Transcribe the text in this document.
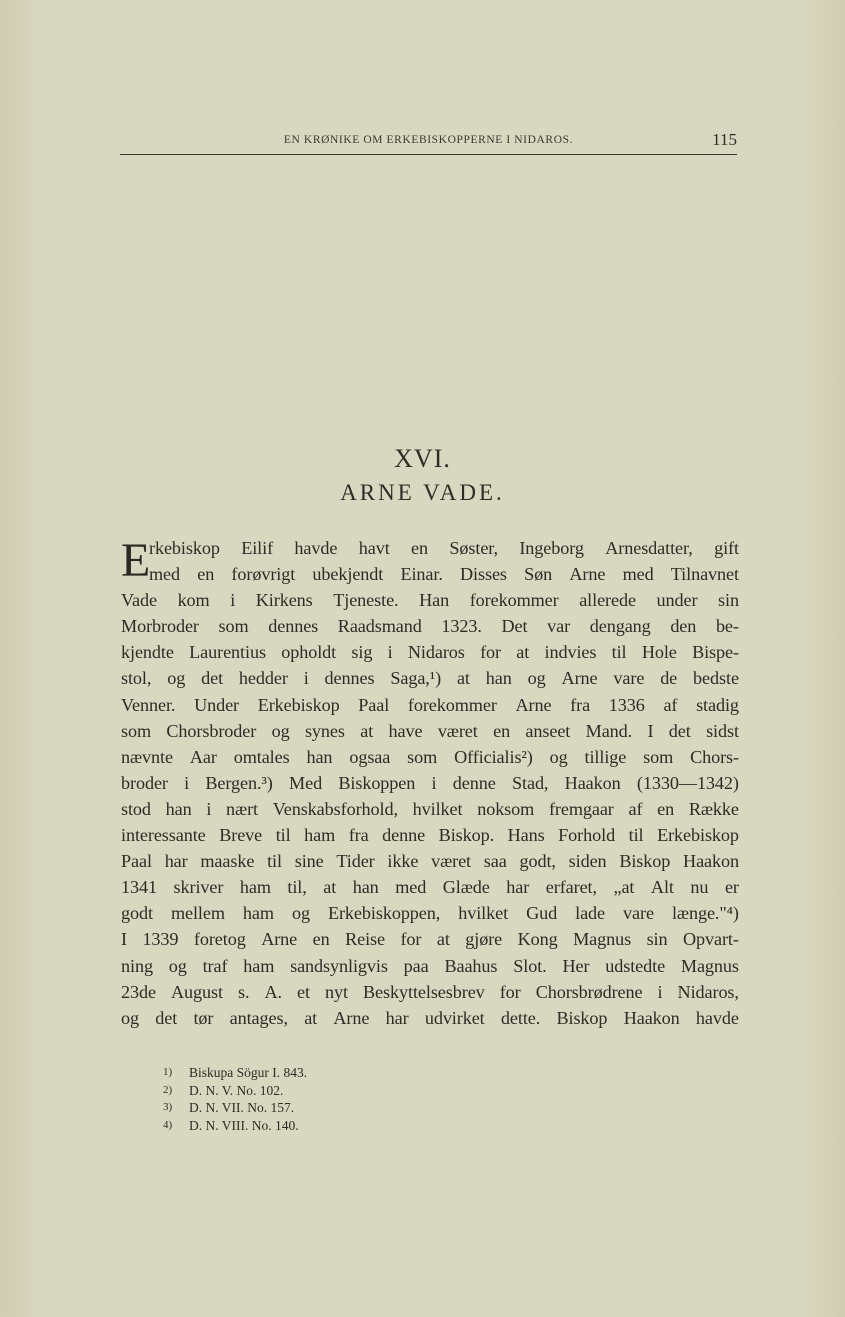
EN KRØNIKE OM ERKEBISKOPPERNE I NIDAROS.	115
XVI.
ARNE VADE.
E
rkebiskop Eilif havde havt en Søster, Ingeborg Arnesdatter, gift
med en forøvrigt ubekjendt Einar. Disses Søn Arne med Tilnavnet
Vade kom i Kirkens Tjeneste. Han forekommer allerede under sin
Morbroder som dennes Raadsmand 1323. Det var dengang den be-
kjendte Laurentius opholdt sig i Nidaros for at indvies til Hole Bispe-
stol, og det hedder i dennes Saga,¹) at han og Arne vare de bedste
Venner. Under Erkebiskop Paal forekommer Arne fra 1336 af stadig
som Chorsbroder og synes at have været en anseet Mand. I det sidst
nævnte Aar omtales han ogsaa som Officialis²) og tillige som Chors-
broder i Bergen.³) Med Biskoppen i denne Stad, Haakon (1330—1342)
stod han i nært Venskabsforhold, hvilket noksom fremgaar af en Række
interessante Breve til ham fra denne Biskop. Hans Forhold til Erkebiskop
Paal har maaske til sine Tider ikke været saa godt, siden Biskop Haakon
1341 skriver ham til, at han med Glæde har erfaret, „at Alt nu er
godt mellem ham og Erkebiskoppen, hvilket Gud lade vare længe."⁴)
I 1339 foretog Arne en Reise for at gjøre Kong Magnus sin Opvart-
ning og traf ham sandsynligvis paa Baahus Slot. Her udstedte Magnus
23de August s. A. et nyt Beskyttelsesbrev for Chorsbrødrene i Nidaros,
og det tør antages, at Arne har udvirket dette. Biskop Haakon havde
1) Biskupa Sögur I. 843.
2) D. N. V. No. 102.
3) D. N. VII. No. 157.
4) D. N. VIII. No. 140.
